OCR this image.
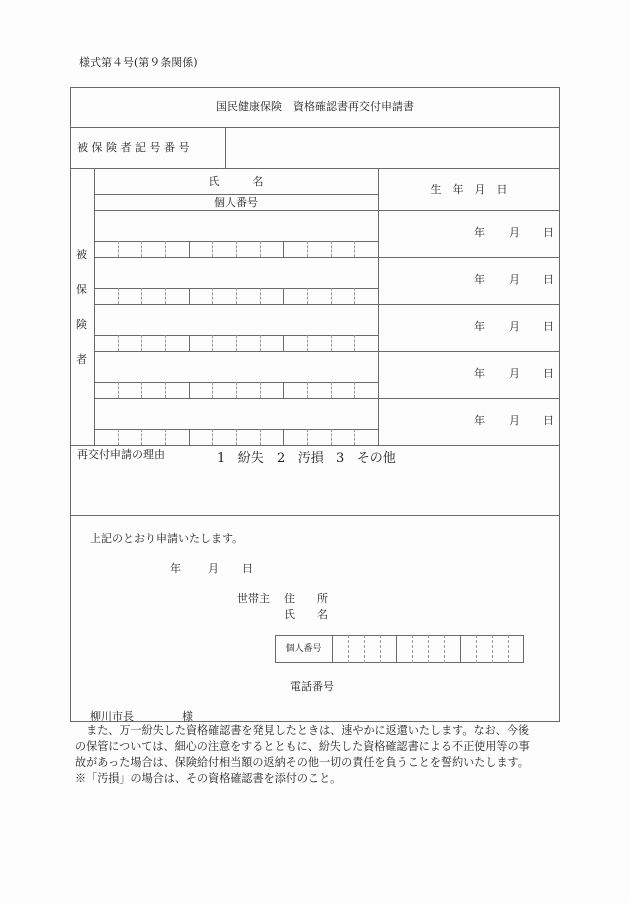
様式第４号(第９条関係)
国民健康保険　資格確認書再交付申請書
被 保 険 者 記 号 番 号
被
保
険
者
氏　　　名
個人番号
生　年　月　日
年 月 日
年 月 日
年 月 日
年 月 日
年 月 日
再交付申請の理由	1 紛失 2 汚損 3 その他
上記のとおり申請いたします。
年 月 日
世帯主 住　　所
氏　　名
個人番号
電話番号
柳川市長	様
　また、万一紛失した資格確認書を発見したときは、速やかに返還いたします。なお、今後
の保管については、細心の注意をするとともに、紛失した資格確認書による不正使用等の事
故があった場合は、保険給付相当額の返納その他一切の責任を負うことを誓約いたします。
※「汚損」の場合は、その資格確認書を添付のこと。
